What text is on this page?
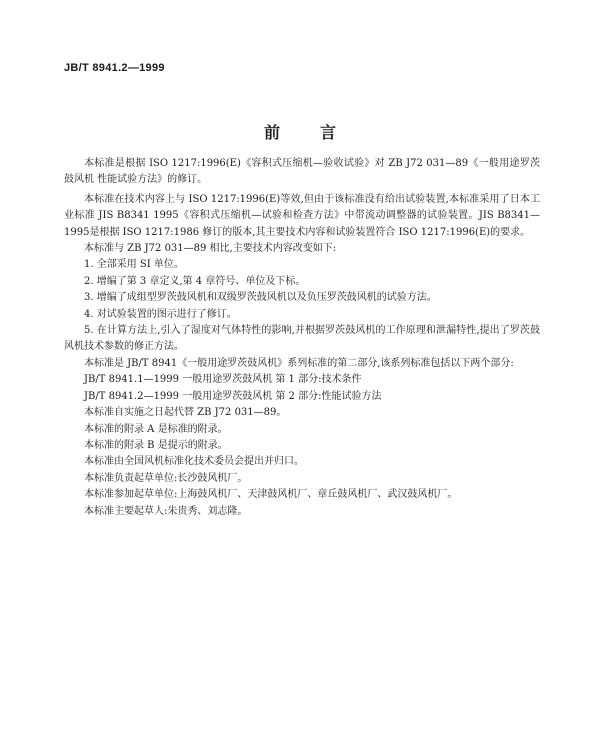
JB/T 8941.2—1999
前言

本标准是根据 ISO 1217:1996(E)《容积式压缩机—验收试验》对 ZB J72 031—89《一般用途罗茨鼓风机 性能试验方法》的修订。

本标准在技术内容上与 ISO 1217:1996(E)等效,但由于该标准没有给出试验装置,本标准采用了日本工业标准 JIS B8341 1995《容积式压缩机—试验和检查方法》中带流动调整器的试验装置。JIS B8341—1995是根据 ISO 1217:1986 修订的版本,其主要技术内容和试验装置符合 ISO 1217:1996(E)的要求。

本标准与 ZB J72 031—89 相比,主要技术内容改变如下:

1. 全部采用 SI 单位。

2. 增编了第 3 章定义,第 4 章符号、单位及下标。

3. 增编了成组型罗茨鼓风机和双级罗茨鼓风机以及负压罗茨鼓风机的试验方法。

4. 对试验装置的图示进行了修订。

5. 在计算方法上,引入了湿度对气体特性的影响,并根据罗茨鼓风机的工作原理和泄漏特性,提出了罗茨鼓风机技术参数的修正方法。

本标准是 JB/T 8941《一般用途罗茨鼓风机》系列标准的第二部分,该系列标准包括以下两个部分:

JB/T 8941.1—1999 一般用途罗茨鼓风机 第 1 部分:技术条件

JB/T 8941.2—1999 一般用途罗茨鼓风机 第 2 部分:性能试验方法

本标准自实施之日起代替 ZB J72 031—89。

本标准的附录 A 是标准的附录。

本标准的附录 B 是提示的附录。

本标准由全国风机标准化技术委员会提出并归口。

本标准负责起草单位:长沙鼓风机厂。

本标准参加起草单位:上海鼓风机厂、天津鼓风机厂、章丘鼓风机厂、武汉鼓风机厂。

本标准主要起草人:朱贵秀、刘志隆。
